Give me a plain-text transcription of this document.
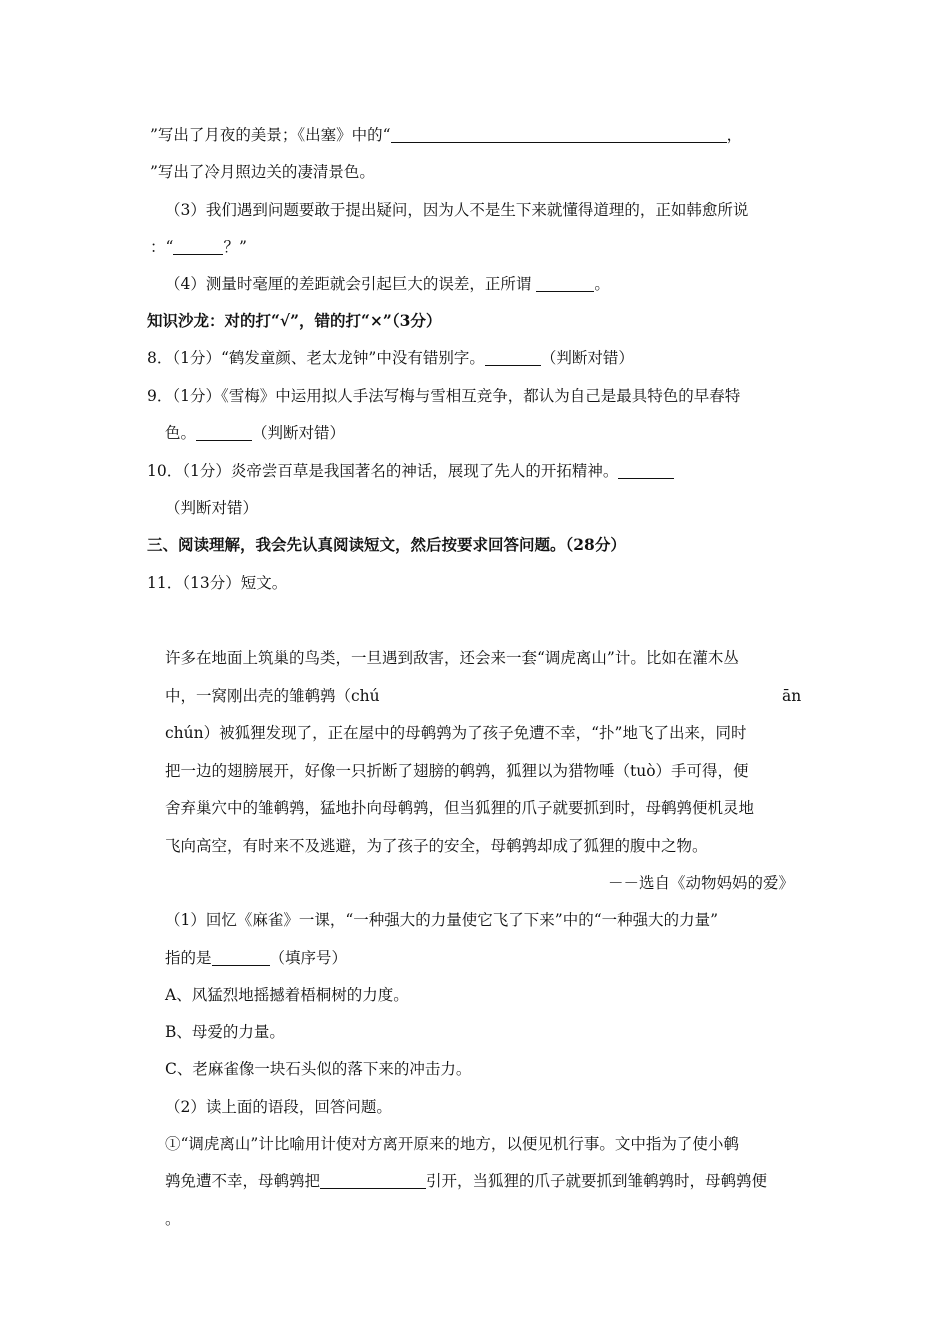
”写出了月夜的美景；《出塞》中的“	，
”写出了冷月照边关的凄清景色。
（3）我们遇到问题要敢于提出疑问，因为人不是生下来就懂得道理的，正如韩愈所说
：“	？”
（4）测量时毫厘的差距就会引起巨大的误差，正所谓	。
知识沙龙：对的打“√”，错的打“×”（3分）
8．（1分）“鹤发童颜、老太龙钟”中没有错别字。	（判断对错）
9．（1分）《雪梅》中运用拟人手法写梅与雪相互竞争，都认为自己是最具特色的早春特
色。	（判断对错）
10．（1分）炎帝尝百草是我国著名的神话，展现了先人的开拓精神。
（判断对错）
三、阅读理解，我会先认真阅读短文，然后按要求回答问题。（28分）
11．（13分）短文。
许多在地面上筑巢的鸟类，一旦遇到敌害，还会来一套“调虎离山”计。比如在灌木丛
中，一窝刚出壳的雏鹌鹑（chú	ān
chún）被狐狸发现了，正在屋中的母鹌鹑为了孩子免遭不幸，“扑”地飞了出来，同时
把一边的翅膀展开，好像一只折断了翅膀的鹌鹑，狐狸以为猎物唾（tuò）手可得，便
舍弃巢穴中的雏鹌鹑，猛地扑向母鹌鹑，但当狐狸的爪子就要抓到时，母鹌鹑便机灵地
飞向高空，有时来不及逃避，为了孩子的安全，母鹌鹑却成了狐狸的腹中之物。
－－选自《动物妈妈的爱》
（1）回忆《麻雀》一课，“一种强大的力量使它飞了下来”中的“一种强大的力量”
指的是	（填序号）
A、风猛烈地摇撼着梧桐树的力度。
B、母爱的力量。
C、老麻雀像一块石头似的落下来的冲击力。
（2）读上面的语段，回答问题。
①“调虎离山”计比喻用计使对方离开原来的地方，以便见机行事。文中指为了使小鹌
鹑免遭不幸，母鹌鹑把	引开，当狐狸的爪子就要抓到雏鹌鹑时，母鹌鹑便
。
